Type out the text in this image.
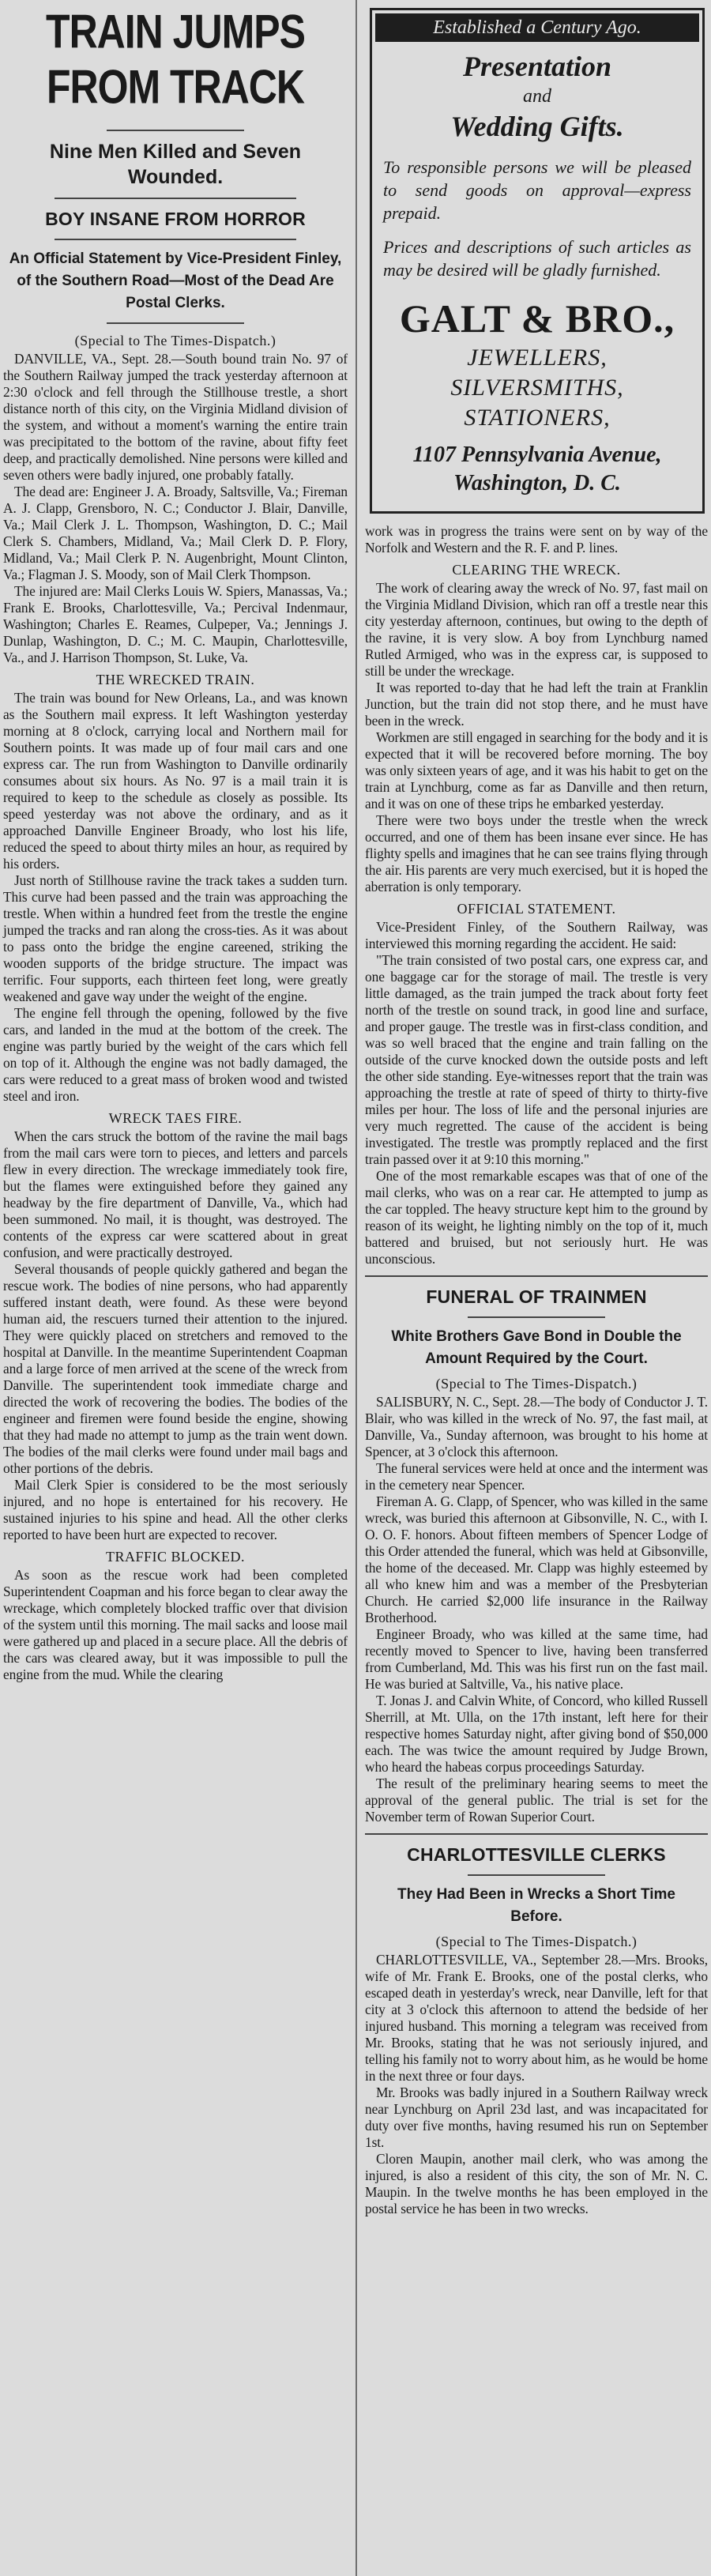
TRAIN JUMPS

FROM TRACK

Nine Men Killed and Seven Wounded.

BOY INSANE FROM HORROR

An Official Statement by Vice-President Finley, of the Southern Road—Most of the Dead Are Postal Clerks.

(Special to The Times-Dispatch.)

DANVILLE, VA., Sept. 28.—South bound train No. 97 of the Southern Railway jumped the track yesterday afternoon at 2:30 o'clock and fell through the Stillhouse trestle, a short distance north of this city, on the Virginia Midland division of the system, and without a moment's warning the entire train was precipitated to the bottom of the ravine, about fifty feet deep, and practically demolished. Nine persons were killed and seven others were badly injured, one probably fatally.

The dead are: Engineer J. A. Broady, Saltsville, Va.; Fireman A. J. Clapp, Grensboro, N. C.; Conductor J. Blair, Danville, Va.; Mail Clerk J. L. Thompson, Washington, D. C.; Mail Clerk S. Chambers, Midland, Va.; Mail Clerk D. P. Flory, Midland, Va.; Mail Clerk P. N. Augenbright, Mount Clinton, Va.; Flagman J. S. Moody, son of Mail Clerk Thompson.

The injured are: Mail Clerks Louis W. Spiers, Manassas, Va.; Frank E. Brooks, Charlottesville, Va.; Percival Indenmaur, Washington; Charles E. Reames, Culpeper, Va.; Jennings J. Dunlap, Washington, D. C.; M. C. Maupin, Charlottesville, Va., and J. Harrison Thompson, St. Luke, Va.

THE WRECKED TRAIN.

The train was bound for New Orleans, La., and was known as the Southern mail express. It left Washington yesterday morning at 8 o'clock, carrying local and Northern mail for Southern points. It was made up of four mail cars and one express car. The run from Washington to Danville ordinarily consumes about six hours. As No. 97 is a mail train it is required to keep to the schedule as closely as possible. Its speed yesterday was not above the ordinary, and as it approached Danville Engineer Broady, who lost his life, reduced the speed to about thirty miles an hour, as required by his orders.

Just north of Stillhouse ravine the track takes a sudden turn. This curve had been passed and the train was approaching the trestle. When within a hundred feet from the trestle the engine jumped the tracks and ran along the cross-ties. As it was about to pass onto the bridge the engine careened, striking the wooden supports of the bridge structure. The impact was terrific. Four supports, each thirteen feet long, were greatly weakened and gave way under the weight of the engine.

The engine fell through the opening, followed by the five cars, and landed in the mud at the bottom of the creek. The engine was partly buried by the weight of the cars which fell on top of it. Although the engine was not badly damaged, the cars were reduced to a great mass of broken wood and twisted steel and iron.

WRECK TAES FIRE.

When the cars struck the bottom of the ravine the mail bags from the mail cars were torn to pieces, and letters and parcels flew in every direction. The wreckage immediately took fire, but the flames were extinguished before they gained any headway by the fire department of Danville, Va., which had been summoned. No mail, it is thought, was destroyed. The contents of the express car were scattered about in great confusion, and were practically destroyed.

Several thousands of people quickly gathered and began the rescue work. The bodies of nine persons, who had apparently suffered instant death, were found. As these were beyond human aid, the rescuers turned their attention to the injured. They were quickly placed on stretchers and removed to the hospital at Danville. In the meantime Superintendent Coapman and a large force of men arrived at the scene of the wreck from Danville. The superintendent took immediate charge and directed the work of recovering the bodies. The bodies of the engineer and firemen were found beside the engine, showing that they had made no attempt to jump as the train went down. The bodies of the mail clerks were found under mail bags and other portions of the debris.

Mail Clerk Spier is considered to be the most seriously injured, and no hope is entertained for his recovery. He sustained injuries to his spine and head. All the other clerks reported to have been hurt are expected to recover.

TRAFFIC BLOCKED.

As soon as the rescue work had been completed Superintendent Coapman and his force began to clear away the wreckage, which completely blocked traffic over that division of the system until this morning. The mail sacks and loose mail were gathered up and placed in a secure place. All the debris of the cars was cleared away, but it was impossible to pull the engine from the mud. While the clearing

Established a Century Ago.

Presentation

and

Wedding Gifts.

To responsible persons we will be pleased to send goods on approval—express prepaid.

Prices and descriptions of such articles as may be desired will be gladly furnished.

GALT & BRO.,

JEWELLERS,

SILVERSMITHS,

STATIONERS,

1107 Pennsylvania Avenue,

Washington, D. C.

work was in progress the trains were sent on by way of the Norfolk and Western and the R. F. and P. lines.

CLEARING THE WRECK.

The work of clearing away the wreck of No. 97, fast mail on the Virginia Midland Division, which ran off a trestle near this city yesterday afternoon, continues, but owing to the depth of the ravine, it is very slow. A boy from Lynchburg named Rutled Armiged, who was in the express car, is supposed to still be under the wreckage.

It was reported to-day that he had left the train at Franklin Junction, but the train did not stop there, and he must have been in the wreck.

Workmen are still engaged in searching for the body and it is expected that it will be recovered before morning. The boy was only sixteen years of age, and it was his habit to get on the train at Lynchburg, come as far as Danville and then return, and it was on one of these trips he embarked yesterday.

There were two boys under the trestle when the wreck occurred, and one of them has been insane ever since. He has flighty spells and imagines that he can see trains flying through the air. His parents are very much exercised, but it is hoped the aberration is only temporary.

OFFICIAL STATEMENT.

Vice-President Finley, of the Southern Railway, was interviewed this morning regarding the accident. He said:

"The train consisted of two postal cars, one express car, and one baggage car for the storage of mail. The trestle is very little damaged, as the train jumped the track about forty feet north of the trestle on sound track, in good line and surface, and proper gauge. The trestle was in first-class condition, and was so well braced that the engine and train falling on the outside of the curve knocked down the outside posts and left the other side standing. Eye-witnesses report that the train was approaching the trestle at rate of speed of thirty to thirty-five miles per hour. The loss of life and the personal injuries are very much regretted. The cause of the accident is being investigated. The trestle was promptly replaced and the first train passed over it at 9:10 this morning."

One of the most remarkable escapes was that of one of the mail clerks, who was on a rear car. He attempted to jump as the car toppled. The heavy structure kept him to the ground by reason of its weight, he lighting nimbly on the top of it, much battered and bruised, but not seriously hurt. He was unconscious.

FUNERAL OF TRAINMEN

White Brothers Gave Bond in Double the Amount Required by the Court.

(Special to The Times-Dispatch.)

SALISBURY, N. C., Sept. 28.—The body of Conductor J. T. Blair, who was killed in the wreck of No. 97, the fast mail, at Danville, Va., Sunday afternoon, was brought to his home at Spencer, at 3 o'clock this afternoon.

The funeral services were held at once and the interment was in the cemetery near Spencer.

Fireman A. G. Clapp, of Spencer, who was killed in the same wreck, was buried this afternoon at Gibsonville, N. C., with I. O. O. F. honors. About fifteen members of Spencer Lodge of this Order attended the funeral, which was held at Gibsonville, the home of the deceased. Mr. Clapp was highly esteemed by all who knew him and was a member of the Presbyterian Church. He carried $2,000 life insurance in the Railway Brotherhood.

Engineer Broady, who was killed at the same time, had recently moved to Spencer to live, having been transferred from Cumberland, Md. This was his first run on the fast mail. He was buried at Saltville, Va., his native place.

T. Jonas J. and Calvin White, of Concord, who killed Russell Sherrill, at Mt. Ulla, on the 17th instant, left here for their respective homes Saturday night, after giving bond of $50,000 each. The was twice the amount required by Judge Brown, who heard the habeas corpus proceedings Saturday.

The result of the preliminary hearing seems to meet the approval of the general public. The trial is set for the November term of Rowan Superior Court.

CHARLOTTESVILLE CLERKS

They Had Been in Wrecks a Short Time Before.

(Special to The Times-Dispatch.)

CHARLOTTESVILLE, VA., September 28.—Mrs. Brooks, wife of Mr. Frank E. Brooks, one of the postal clerks, who escaped death in yesterday's wreck, near Danville, left for that city at 3 o'clock this afternoon to attend the bedside of her injured husband. This morning a telegram was received from Mr. Brooks, stating that he was not seriously injured, and telling his family not to worry about him, as he would be home in the next three or four days.

Mr. Brooks was badly injured in a Southern Railway wreck near Lynchburg on April 23d last, and was incapacitated for duty over five months, having resumed his run on September 1st.

Cloren Maupin, another mail clerk, who was among the injured, is also a resident of this city, the son of Mr. N. C. Maupin. In the twelve months he has been employed in the postal service he has been in two wrecks.
